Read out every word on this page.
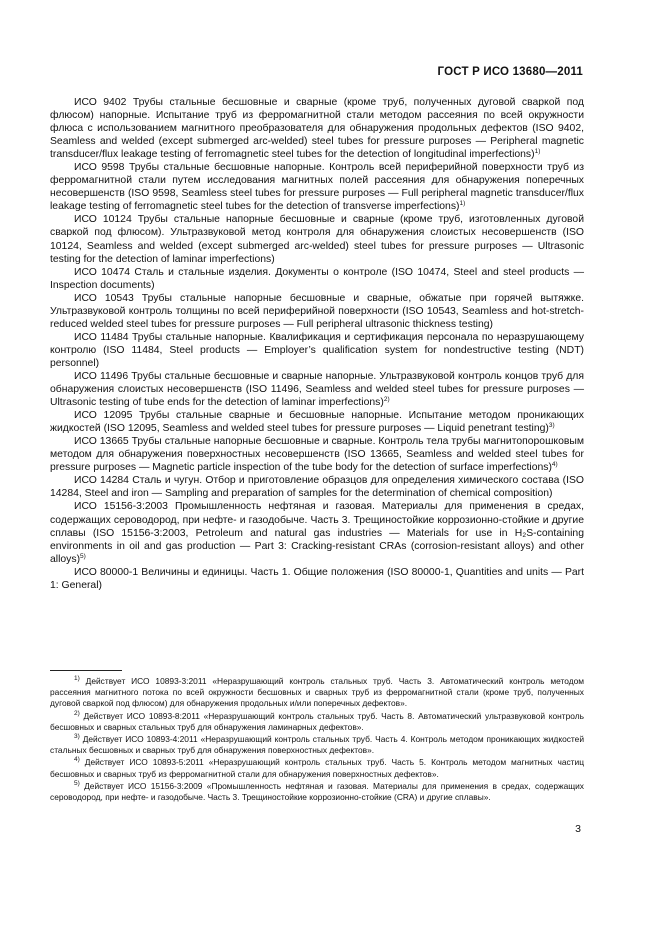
ГОСТ Р ИСО 13680—2011

ИСО 9402 Трубы стальные бесшовные и сварные (кроме труб, полученных дуговой сваркой под флюсом) напорные. Испытание труб из ферромагнитной стали методом рассеяния по всей окружности флюса с использованием магнитного преобразователя для обнаружения продольных дефектов (ISO 9402, Seamless and welded (except submerged arc-welded) steel tubes for pressure purposes — Peripheral magnetic transducer/flux leakage testing of ferromagnetic steel tubes for the detection of longitudinal imperfections)$^{1)}$

ИСО 9598 Трубы стальные бесшовные напорные. Контроль всей периферийной поверхности труб из ферромагнитной стали путем исследования магнитных полей рассеяния для обнаружения поперечных несовершенств (ISO 9598, Seamless steel tubes for pressure purposes — Full peripheral magnetic transducer/flux leakage testing of ferromagnetic steel tubes for the detection of transverse imperfections)$^{1)}$

ИСО 10124 Трубы стальные напорные бесшовные и сварные (кроме труб, изготовленных дуговой сваркой под флюсом). Ультразвуковой метод контроля для обнаружения слоистых несовершенств (ISO 10124, Seamless and welded (except submerged arc-welded) steel tubes for pressure purposes — Ultrasonic testing for the detection of laminar imperfections)

ИСО 10474 Сталь и стальные изделия. Документы о контроле (ISO 10474, Steel and steel products — Inspection documents)

ИСО 10543 Трубы стальные напорные бесшовные и сварные, обжатые при горячей вытяжке. Ультразвуковой контроль толщины по всей периферийной поверхности (ISO 10543, Seamless and hot-stretch-reduced welded steel tubes for pressure purposes — Full peripheral ultrasonic thickness testing)

ИСО 11484 Трубы стальные напорные. Квалификация и сертификация персонала по неразрушающему контролю (ISO 11484, Steel products — Employer’s qualification system for nondestructive testing (NDT) personnel)

ИСО 11496 Трубы стальные бесшовные и сварные напорные. Ультразвуковой контроль концов труб для обнаружения слоистых несовершенств (ISO 11496, Seamless and welded steel tubes for pressure purposes — Ultrasonic testing of tube ends for the detection of laminar imperfections)$^{2)}$

ИСО 12095 Трубы стальные сварные и бесшовные напорные. Испытание методом проникающих жидкостей (ISO 12095, Seamless and welded steel tubes for pressure purposes — Liquid penetrant testing)$^{3)}$

ИСО 13665 Трубы стальные напорные бесшовные и сварные. Контроль тела трубы магнитопорошковым методом для обнаружения поверхностных несовершенств (ISO 13665, Seamless and welded steel tubes for pressure purposes — Magnetic particle inspection of the tube body for the detection of surface imperfections)$^{4)}$

ИСО 14284 Сталь и чугун. Отбор и приготовление образцов для определения химического состава (ISO 14284, Steel and iron — Sampling and preparation of samples for the determination of chemical composition)

ИСО 15156-3:2003 Промышленность нефтяная и газовая. Материалы для применения в средах, содержащих сероводород, при нефте- и газодобыче. Часть 3. Трещиностойкие коррозионно-стойкие и другие сплавы (ISO 15156-3:2003, Petroleum and natural gas industries — Materials for use in H₂S-containing environments in oil and gas production — Part 3: Cracking-resistant CRAs (corrosion-resistant alloys) and other alloys)$^{5)}$

ИСО 80000-1 Величины и единицы. Часть 1. Общие положения (ISO 80000-1, Quantities and units — Part 1: General)

$^{1)}$ Действует ИСО 10893-3:2011 «Неразрушающий контроль стальных труб. Часть 3. Автоматический контроль методом рассеяния магнитного потока по всей окружности бесшовных и сварных труб из ферромагнитной стали (кроме труб, полученных дуговой сваркой под флюсом) для обнаружения продольных и/или поперечных дефектов».

$^{2)}$ Действует ИСО 10893-8:2011 «Неразрушающий контроль стальных труб. Часть 8. Автоматический ультразвуковой контроль бесшовных и сварных стальных труб для обнаружения ламинарных дефектов».

$^{3)}$ Действует ИСО 10893-4:2011 «Неразрушающий контроль стальных труб. Часть 4. Контроль методом проникающих жидкостей стальных бесшовных и сварных труб для обнаружения поверхностных дефектов».

$^{4)}$ Действует ИСО 10893-5:2011 «Неразрушающий контроль стальных труб. Часть 5. Контроль методом магнитных частиц бесшовных и сварных труб из ферромагнитной стали для обнаружения поверхностных дефектов».

$^{5)}$ Действует ИСО 15156-3:2009 «Промышленность нефтяная и газовая. Материалы для применения в средах, содержащих сероводород, при нефте- и газодобыче. Часть 3. Трещиностойкие коррозионно-стойкие (CRA) и другие сплавы».

3
